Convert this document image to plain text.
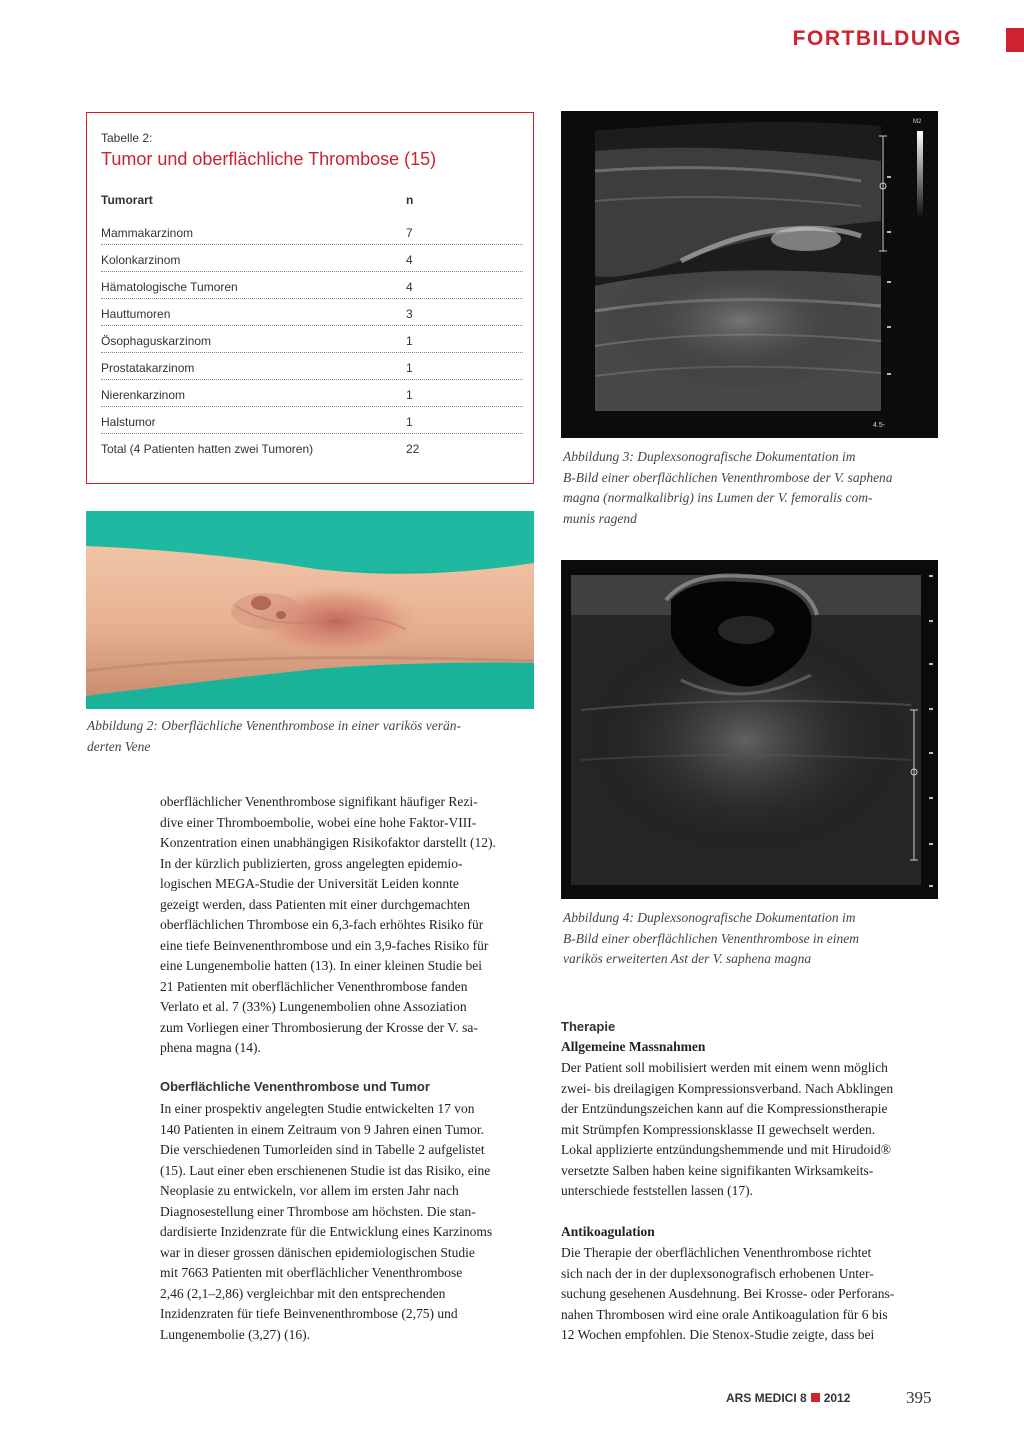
FORTBILDUNG
Tabelle 2:
Tumor und oberflächliche Thrombose (15)
Tumorart	n
Mammakarzinom	7
Kolonkarzinom	4
Hämatologische Tumoren	4
Hauttumoren	3
Ösophaguskarzinom	1
Prostatakarzinom	1
Nierenkarzinom	1
Halstumor	1
Total (4 Patienten hatten zwei Tumoren)	22
M2
4.5-
Abbildung 3: Duplexsonografische Dokumentation im
B-Bild einer oberflächlichen Venenthrombose der V. saphena
magna (normalkalibrig) ins Lumen der V. femoralis com-
munis ragend
Abbildung 2: Oberflächliche Venenthrombose in einer varikös verän-
derten Vene
Abbildung 4: Duplexsonografische Dokumentation im
B-Bild einer oberflächlichen Venenthrombose in einem
varikös erweiterten Ast der V. saphena magna
oberflächlicher Venenthrombose signifikant häufiger Rezi-
dive einer Thromboembolie, wobei eine hohe Faktor-VIII-
Konzentration einen unabhängigen Risikofaktor darstellt (12).
In der kürzlich publizierten, gross angelegten epidemio-
logischen MEGA-Studie der Universität Leiden konnte
gezeigt werden, dass Patienten mit einer durchgemachten
oberflächlichen Thrombose ein 6,3-fach erhöhtes Risiko für
eine tiefe Beinvenenthrombose und ein 3,9-faches Risiko für
eine Lungenembolie hatten (13). In einer kleinen Studie bei
21 Patienten mit oberflächlicher Venenthrombose fanden
Verlato et al. 7 (33%) Lungenembolien ohne Assoziation
zum Vorliegen einer Thrombosierung der Krosse der V. sa-
phena magna (14).
Oberflächliche Venenthrombose und Tumor
In einer prospektiv angelegten Studie entwickelten 17 von
140 Patienten in einem Zeitraum von 9 Jahren einen Tumor.
Die verschiedenen Tumorleiden sind in Tabelle 2 aufgelistet
(15). Laut einer eben erschienenen Studie ist das Risiko, eine
Neoplasie zu entwickeln, vor allem im ersten Jahr nach
Diagnosestellung einer Thrombose am höchsten. Die stan-
dardisierte Inzidenzrate für die Entwicklung eines Karzinoms
war in dieser grossen dänischen epidemiologischen Studie
mit 7663 Patienten mit oberflächlicher Venenthrombose
2,46 (2,1–2,86) vergleichbar mit den entsprechenden
Inzidenzraten für tiefe Beinvenenthrombose (2,75) und
Lungenembolie (3,27) (16).
Therapie
Allgemeine Massnahmen
Der Patient soll mobilisiert werden mit einem wenn möglich
zwei- bis dreilagigen Kompressionsverband. Nach Abklingen
der Entzündungszeichen kann auf die Kompressionstherapie
mit Strümpfen Kompressionsklasse II gewechselt werden.
Lokal applizierte entzündungshemmende und mit Hirudoid®
versetzte Salben haben keine signifikanten Wirksamkeits-
unterschiede feststellen lassen (17).
Antikoagulation
Die Therapie der oberflächlichen Venenthrombose richtet
sich nach der in der duplexsonografisch erhobenen Unter-
suchung gesehenen Ausdehnung. Bei Krosse- oder Perforans-
nahen Thrombosen wird eine orale Antikoagulation für 6 bis
12 Wochen empfohlen. Die Stenox-Studie zeigte, dass bei
ARS MEDICI 8 2012	395
